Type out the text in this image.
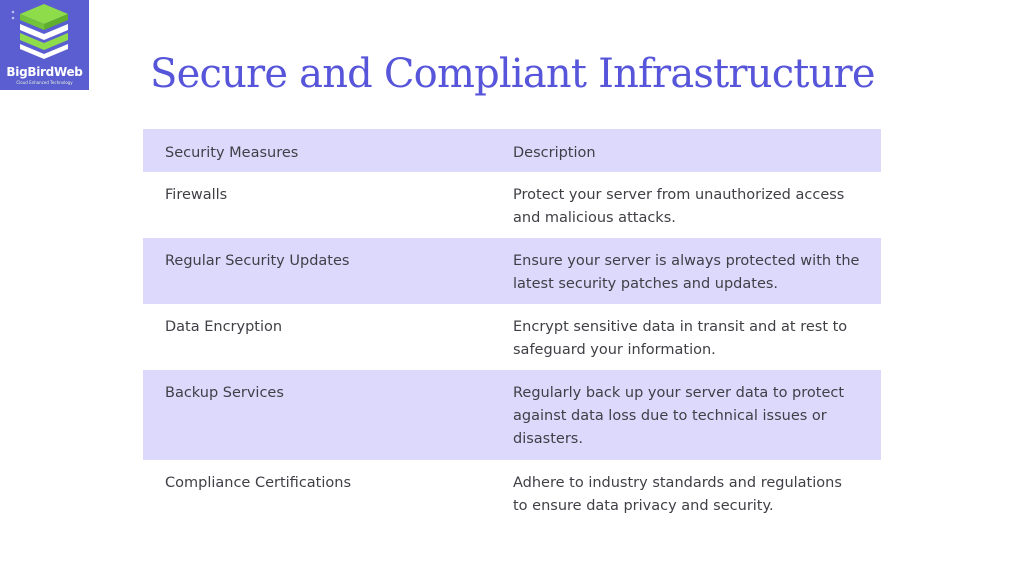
BigBirdWeb
Cloud Enhanced Technology	Secure and Compliant Infrastructure
Security Measures	Description
Firewalls	Protect your server from unauthorized access and malicious attacks.
Regular Security Updates	Ensure your server is always protected with the latest security patches and updates.
Data Encryption	Encrypt sensitive data in transit and at rest to safeguard your information.
Backup Services	Regularly back up your server data to protect against data loss due to technical issues or disasters.
Compliance Certifications	Adhere to industry standards and regulations to ensure data privacy and security.
